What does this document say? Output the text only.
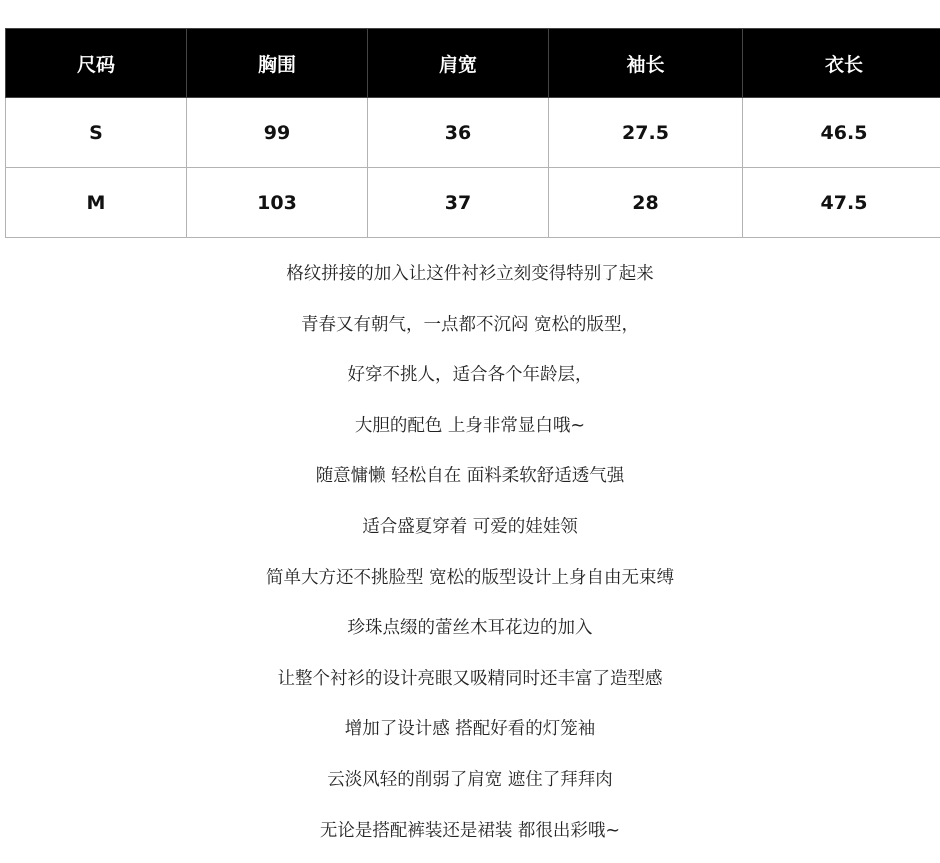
尺码	胸围	肩宽	袖长	衣长
S	99	36	27.5	46.5
M	103	37	28	47.5
格纹拼接的加入让这件衬衫立刻变得特别了起来
青春又有朝气，一点都不沉闷 宽松的版型，
好穿不挑人，适合各个年龄层，
大胆的配色 上身非常显白哦~
随意慵懒 轻松自在 面料柔软舒适透气强
适合盛夏穿着 可爱的娃娃领
简单大方还不挑脸型 宽松的版型设计上身自由无束缚
珍珠点缀的蕾丝木耳花边的加入
让整个衬衫的设计亮眼又吸精同时还丰富了造型感
增加了设计感 搭配好看的灯笼袖
云淡风轻的削弱了肩宽 遮住了拜拜肉
无论是搭配裤装还是裙装 都很出彩哦~
